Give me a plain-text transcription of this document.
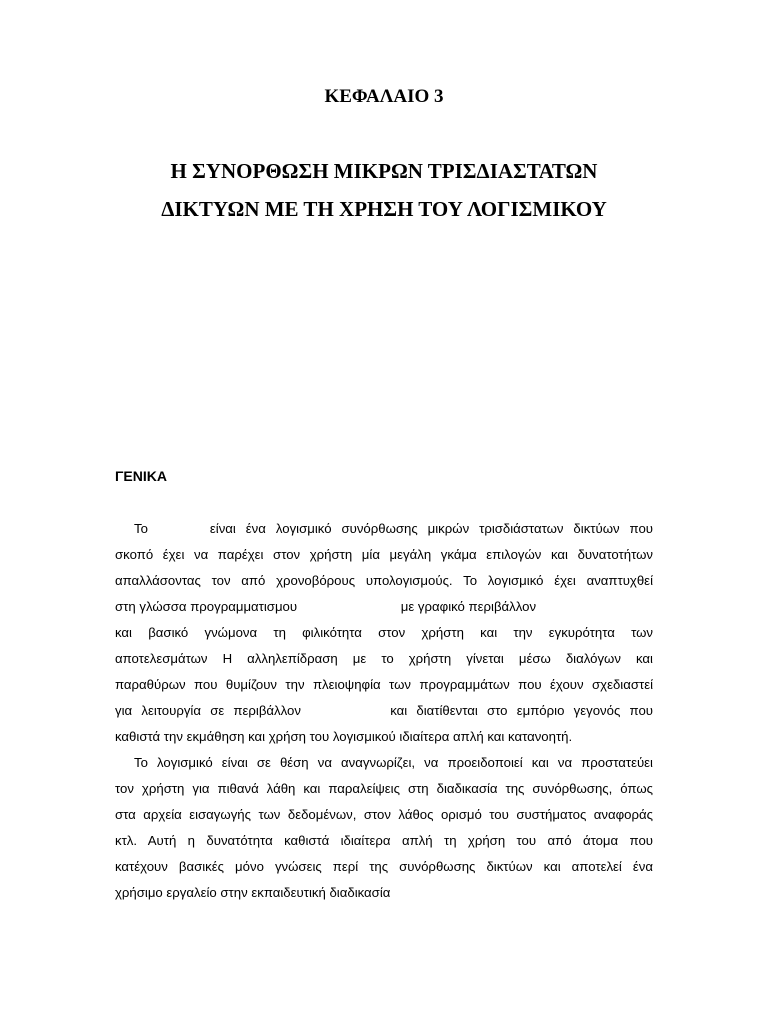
ΚΕΦΑΛΑΙΟ 3
Η ΣΥΝΟΡΘΩΣΗ ΜΙΚΡΩΝ ΤΡΙΣΔΙΑΣΤΑΤΩΝ
ΔΙΚΤΥΩΝ ΜΕ ΤΗ ΧΡΗΣΗ ΤΟΥ ΛΟΓΙΣΜΙΚΟΥ
ΓΕΝΙΚΑ
Το	είναι ένα λογισμικό συνόρθωσης μικρών τρισδιάστατων δικτύων που
σκοπό έχει να παρέχει στον χρήστη μία μεγάλη γκάμα επιλογών και δυνατοτήτων
απαλλάσοντας τον από χρονοβόρους υπολογισμούς. Το λογισμικό έχει αναπτυχθεί
στη γλώσσα προγραμματισμου	με γραφικό περιβάλλον
και βασικό γνώμονα τη φιλικότητα στον χρήστη και την εγκυρότητα των
αποτελεσμάτων Η αλληλεπίδραση με το χρήστη γίνεται μέσω διαλόγων και
παραθύρων που θυμίζουν την πλειοψηφία των προγραμμάτων που έχουν σχεδιαστεί
για λειτουργία σε περιβάλλον	και διατίθενται στο εμπόριο γεγονός που
καθιστά την εκμάθηση και χρήση του λογισμικού ιδιαίτερα απλή και κατανοητή.
Το λογισμικό είναι σε θέση να αναγνωρίζει, να προειδοποιεί και να προστατεύει
τον χρήστη για πιθανά λάθη και παραλείψεις στη διαδικασία της συνόρθωσης, όπως
στα αρχεία εισαγωγής των δεδομένων, στον λάθος ορισμό του συστήματος αναφοράς
κτλ. Αυτή η δυνατότητα καθιστά ιδιαίτερα απλή τη χρήση του από άτομα που
κατέχουν βασικές μόνο γνώσεις περί της συνόρθωσης δικτύων και αποτελεί ένα
χρήσιμο εργαλείο στην εκπαιδευτική διαδικασία
